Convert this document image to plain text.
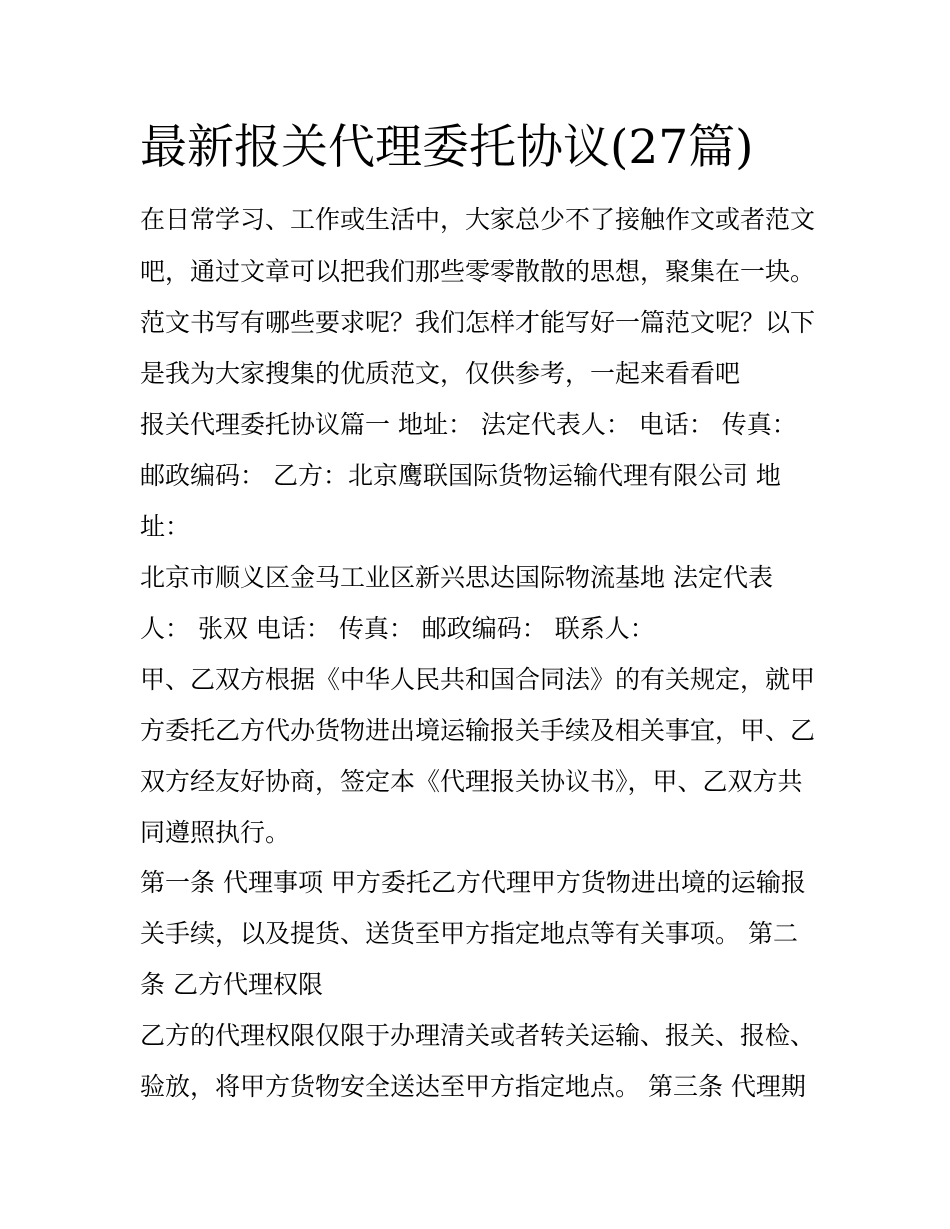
最新报关代理委托协议(27篇)

在日常学习、工作或生活中，大家总少不了接触作文或者范文

吧，通过文章可以把我们那些零零散散的思想，聚集在一块。

范文书写有哪些要求呢？我们怎样才能写好一篇范文呢？以下

是我为大家搜集的优质范文，仅供参考，一起来看看吧

报关代理委托协议篇一 地址： 法定代表人： 电话： 传真：

邮政编码： 乙方：北京鹰联国际货物运输代理有限公司 地

址：

北京市顺义区金马工业区新兴思达国际物流基地 法定代表

人： 张双 电话： 传真： 邮政编码： 联系人：

甲、乙双方根据《中华人民共和国合同法》的有关规定，就甲

方委托乙方代办货物进出境运输报关手续及相关事宜，甲、乙

双方经友好协商，签定本《代理报关协议书》，甲、乙双方共

同遵照执行。

第一条 代理事项 甲方委托乙方代理甲方货物进出境的运输报

关手续，以及提货、送货至甲方指定地点等有关事项。 第二

条 乙方代理权限

乙方的代理权限仅限于办理清关或者转关运输、报关、报检、

验放，将甲方货物安全送达至甲方指定地点。 第三条 代理期
